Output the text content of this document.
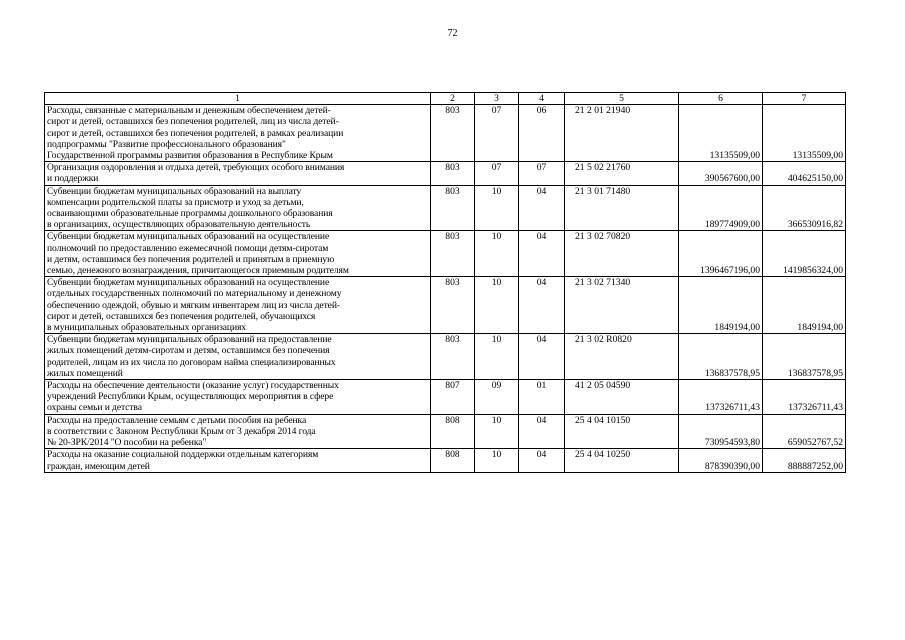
72
1	2	3	4	5	6	7

Расходы, связанные с материальным и денежным обеспечением детей-
сирот и детей, оставшихся без попечения родителей, лиц из числа детей-
сирот и детей, оставшихся без попечения родителей, в рамках реализации
подпрограммы "Развитие профессионального образования"
Государственной программы развития образования в Республике Крым	803	07	06	21 2 01 21940	13135509,00	13135509,00

Организация оздоровления и отдыха детей, требующих особого внимания
и поддержки	803	07	07	21 5 02 21760	390567600,00	404625150,00

Субвенции бюджетам муниципальных образований на выплату
компенсации родительской платы за присмотр и уход за детьми,
осваивающими образовательные программы дошкольного образования
в организациях, осуществляющих образовательную деятельность	803	10	04	21 3 01 71480	189774909,00	366530916,82

Субвенции бюджетам муниципальных образований на осуществление
полномочий по предоставлению ежемесячной помощи детям-сиротам
и детям, оставшимся без попечения родителей и принятым в приемную
семью, денежного вознаграждения, причитающегося приемным родителям	803	10	04	21 3 02 70820	1396467196,00	1419856324,00

Субвенции бюджетам муниципальных образований на осуществление
отдельных государственных полномочий по материальному и денежному
обеспечению одеждой, обувью и мягким инвентарем лиц из числа детей-
сирот и детей, оставшихся без попечения родителей, обучающихся
в муниципальных образовательных организациях	803	10	04	21 3 02 71340	1849194,00	1849194,00

Субвенции бюджетам муниципальных образований на предоставление
жилых помещений детям-сиротам и детям, оставшимся без попечения
родителей, лицам из их числа по договорам найма специализированных
жилых помещений	803	10	04	21 3 02 R0820	136837578,95	136837578,95

Расходы на обеспечение деятельности (оказание услуг) государственных
учреждений Республики Крым, осуществляющих мероприятия в сфере
охраны семьи и детства	807	09	01	41 2 05 04590	137326711,43	137326711,43

Расходы на предоставление семьям с детьми пособия на ребенка
в соответствии с Законом Республики Крым от 3 декабря 2014 года
№ 20-ЗРК/2014 "О пособии на ребенка"	808	10	04	25 4 04 10150	730954593,80	659052767,52

Расходы на оказание социальной поддержки отдельным категориям
граждан, имеющим детей	808	10	04	25 4 04 10250	878390390,00	888887252,00
